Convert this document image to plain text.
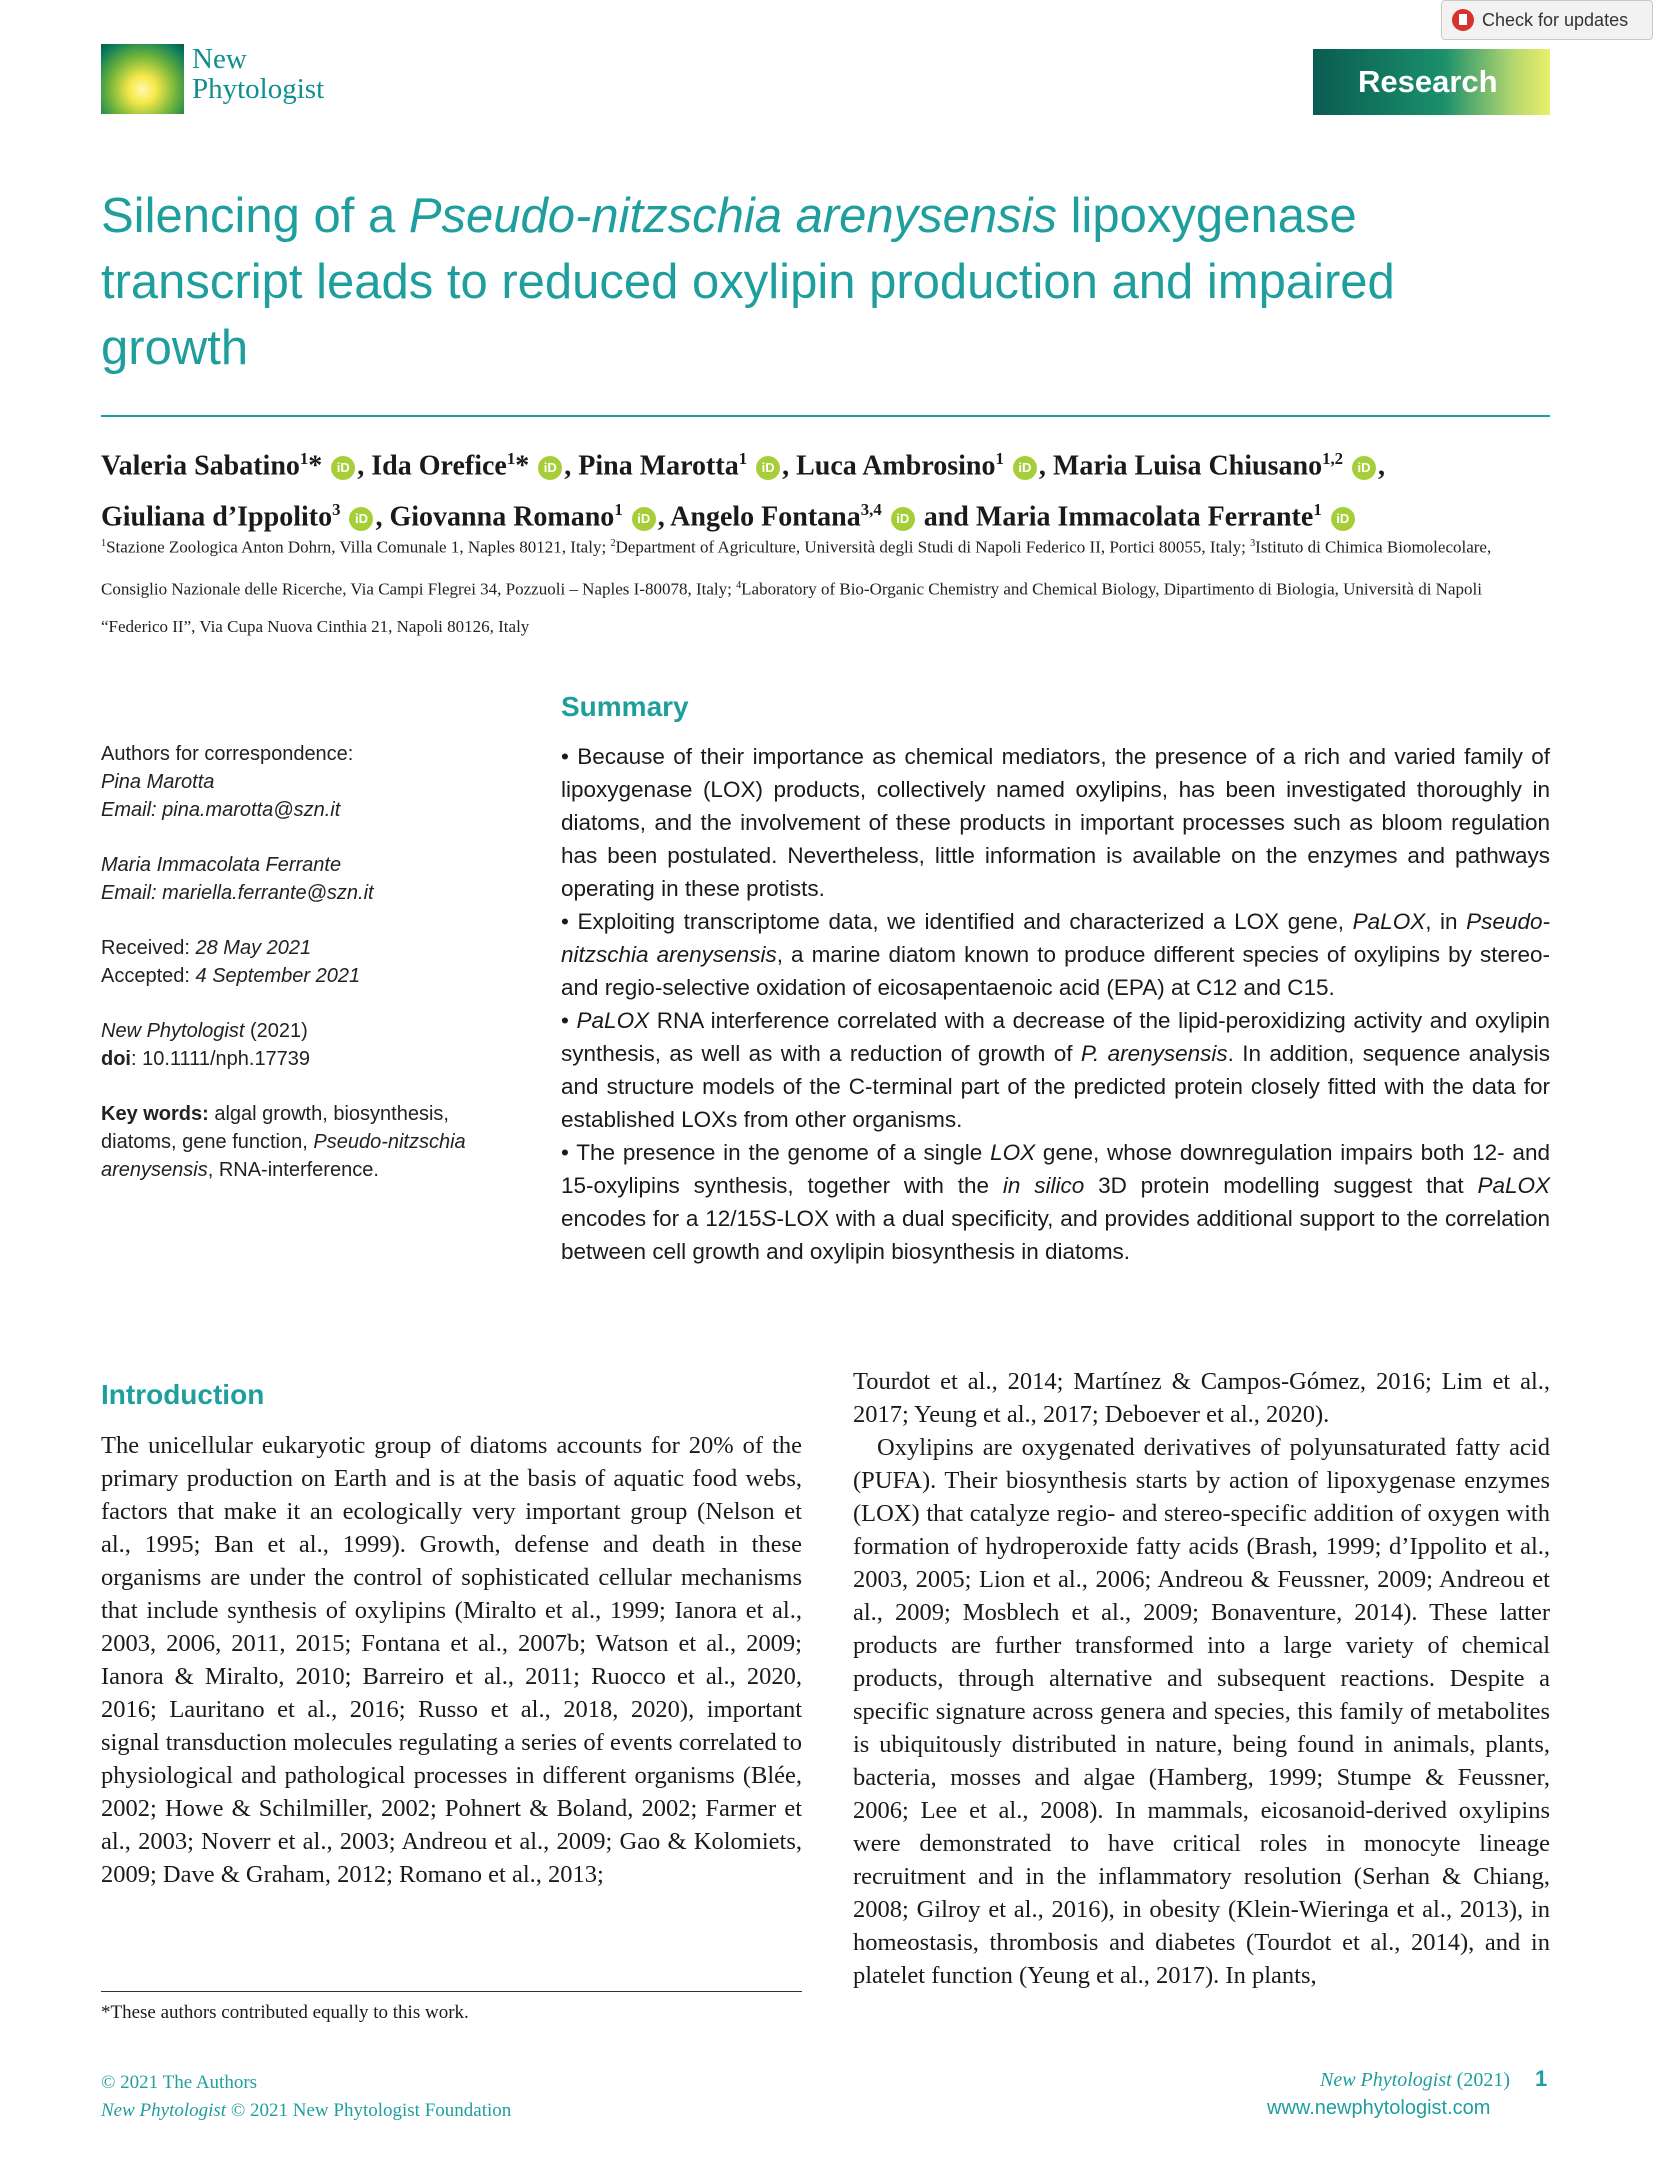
New
Phytologist	Research
Check for updates
Silencing of a Pseudo-nitzschia arenysensis lipoxygenase transcript leads to reduced oxylipin production and impaired growth
Valeria Sabatino$^1$* iD , Ida Orefice$^1$* iD , Pina Marotta$^1$ iD , Luca Ambrosino$^1$ iD , Maria Luisa Chiusano$^{1,2}$ iD ,
Giuliana d’Ippolito$^3$ iD , Giovanna Romano$^1$ iD , Angelo Fontana$^{3,4}$ iD and Maria Immacolata Ferrante$^1$ iD
$^1$Stazione Zoologica Anton Dohrn, Villa Comunale 1, Naples 80121, Italy; $^2$Department of Agriculture, Università degli Studi di Napoli Federico II, Portici 80055, Italy; $^3$Istituto di Chimica Biomolecolare, Consiglio Nazionale delle Ricerche, Via Campi Flegrei 34, Pozzuoli – Naples I-80078, Italy; $^4$Laboratory of Bio-Organic Chemistry and Chemical Biology, Dipartimento di Biologia, Università di Napoli “Federico II”, Via Cupa Nuova Cinthia 21, Napoli 80126, Italy
Authors for correspondence:
Pina Marotta
Email: pina.marotta@szn.it
Maria Immacolata Ferrante
Email: mariella.ferrante@szn.it
Received: 28 May 2021
Accepted: 4 September 2021
New Phytologist (2021)
doi: 10.1111/nph.17739
Key words: algal growth, biosynthesis, diatoms, gene function, Pseudo-nitzschia arenysensis, RNA-interference.
Summary

• Because of their importance as chemical mediators, the presence of a rich and varied family of lipoxygenase (LOX) products, collectively named oxylipins, has been investigated thoroughly in diatoms, and the involvement of these products in important processes such as bloom regulation has been postulated. Nevertheless, little information is available on the enzymes and pathways operating in these protists.

• Exploiting transcriptome data, we identified and characterized a LOX gene, PaLOX, in Pseudo-nitzschia arenysensis, a marine diatom known to produce different species of oxylipins by stereo- and regio-selective oxidation of eicosapentaenoic acid (EPA) at C12 and C15.

• PaLOX RNA interference correlated with a decrease of the lipid-peroxidizing activity and oxylipin synthesis, as well as with a reduction of growth of P. arenysensis. In addition, sequence analysis and structure models of the C-terminal part of the predicted protein closely fitted with the data for established LOXs from other organisms.

• The presence in the genome of a single LOX gene, whose downregulation impairs both 12- and 15-oxylipins synthesis, together with the in silico 3D protein modelling suggest that PaLOX encodes for a 12/15S-LOX with a dual specificity, and provides additional support to the correlation between cell growth and oxylipin biosynthesis in diatoms.

Introduction
The unicellular eukaryotic group of diatoms accounts for 20% of the primary production on Earth and is at the basis of aquatic food webs, factors that make it an ecologically very important group (Nelson et al., 1995; Ban et al., 1999). Growth, defense and death in these organisms are under the control of sophisticated cellular mechanisms that include synthesis of oxylipins (Miralto et al., 1999; Ianora et al., 2003, 2006, 2011, 2015; Fontana et al., 2007b; Watson et al., 2009; Ianora & Miralto, 2010; Barreiro et al., 2011; Ruocco et al., 2020, 2016; Lauritano et al., 2016; Russo et al., 2018, 2020), important signal transduction molecules regulating a series of events correlated to physiological and pathological processes in different organisms (Blée, 2002; Howe & Schilmiller, 2002; Pohnert & Boland, 2002; Farmer et al., 2003; Noverr et al., 2003; Andreou et al., 2009; Gao & Kolomiets, 2009; Dave & Graham, 2012; Romano et al., 2013;

Tourdot et al., 2014; Martínez & Campos-Gómez, 2016; Lim et al., 2017; Yeung et al., 2017; Deboever et al., 2020).

Oxylipins are oxygenated derivatives of polyunsaturated fatty acid (PUFA). Their biosynthesis starts by action of lipoxygenase enzymes (LOX) that catalyze regio- and stereo-specific addition of oxygen with formation of hydroperoxide fatty acids (Brash, 1999; d’Ippolito et al., 2003, 2005; Lion et al., 2006; Andreou & Feussner, 2009; Andreou et al., 2009; Mosblech et al., 2009; Bonaventure, 2014). These latter products are further transformed into a large variety of chemical products, through alternative and subsequent reactions. Despite a specific signature across genera and species, this family of metabolites is ubiquitously distributed in nature, being found in animals, plants, bacteria, mosses and algae (Hamberg, 1999; Stumpe & Feussner, 2006; Lee et al., 2008). In mammals, eicosanoid-derived oxylipins were demonstrated to have critical roles in monocyte lineage recruitment and in the inflammatory resolution (Serhan & Chiang, 2008; Gilroy et al., 2016), in obesity (Klein-Wieringa et al., 2013), in homeostasis, thrombosis and diabetes (Tourdot et al., 2014), and in platelet function (Yeung et al., 2017). In plants,

*These authors contributed equally to this work.
© 2021 The Authors
New Phytologist © 2021 New Phytologist Foundation
New Phytologist (2021) 1
www.newphytologist.com
